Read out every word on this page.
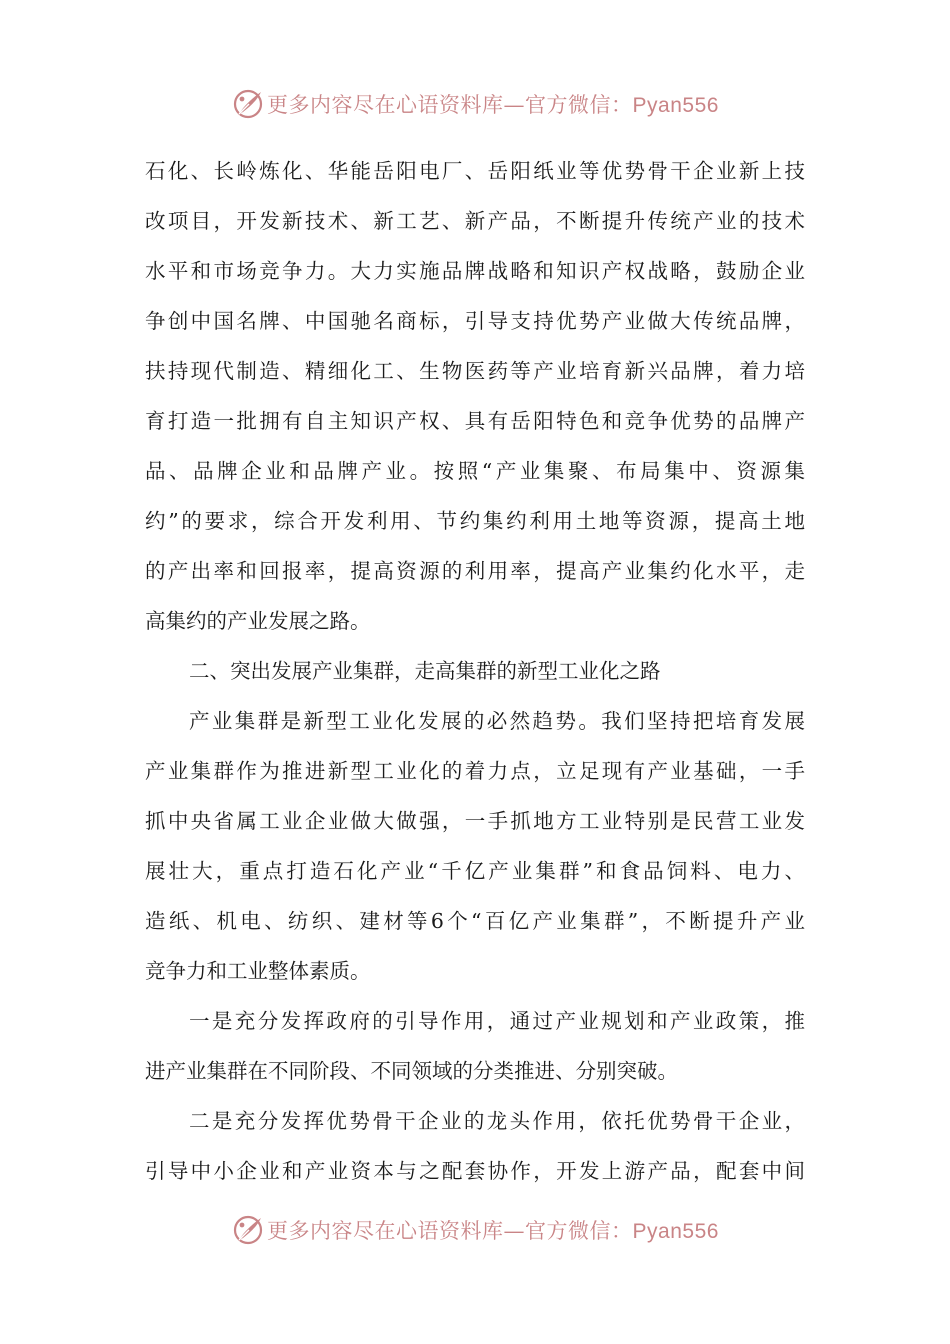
更多内容尽在心语资料库—官方微信：Pyan556
石化、长岭炼化、华能岳阳电厂、岳阳纸业等优势骨干企业新上技
改项目，开发新技术、新工艺、新产品，不断提升传统产业的技术
水平和市场竞争力。大力实施品牌战略和知识产权战略，鼓励企业
争创中国名牌、中国驰名商标，引导支持优势产业做大传统品牌，
扶持现代制造、精细化工、生物医药等产业培育新兴品牌，着力培
育打造一批拥有自主知识产权、具有岳阳特色和竞争优势的品牌产
品、品牌企业和品牌产业。按照“产业集聚、布局集中、资源集
约”的要求，综合开发利用、节约集约利用土地等资源，提高土地
的产出率和回报率，提高资源的利用率，提高产业集约化水平，走
高集约的产业发展之路。
二、突出发展产业集群，走高集群的新型工业化之路
产业集群是新型工业化发展的必然趋势。我们坚持把培育发展
产业集群作为推进新型工业化的着力点，立足现有产业基础，一手
抓中央省属工业企业做大做强，一手抓地方工业特别是民营工业发
展壮大，重点打造石化产业“千亿产业集群”和食品饲料、电力、
造纸、机电、纺织、建材等6个“百亿产业集群”，不断提升产业
竞争力和工业整体素质。
一是充分发挥政府的引导作用，通过产业规划和产业政策，推
进产业集群在不同阶段、不同领域的分类推进、分别突破。
二是充分发挥优势骨干企业的龙头作用，依托优势骨干企业，
引导中小企业和产业资本与之配套协作，开发上游产品，配套中间
更多内容尽在心语资料库—官方微信：Pyan556
